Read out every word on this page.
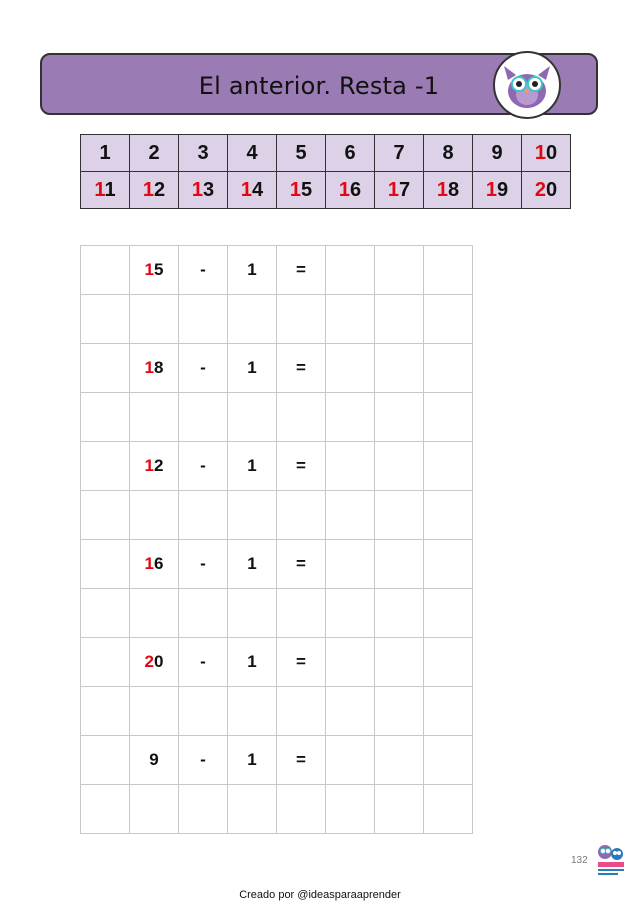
El anterior. Resta -1
1	2	3	4	5	6	7	8	9	10
11	12	13	14	15	16	17	18	19	20
	15	-	1	=			

	18	-	1	=			

	12	-	1	=			

	16	-	1	=			

	20	-	1	=			

	9	-	1	=			

132
Creado por @ideasparaaprender
